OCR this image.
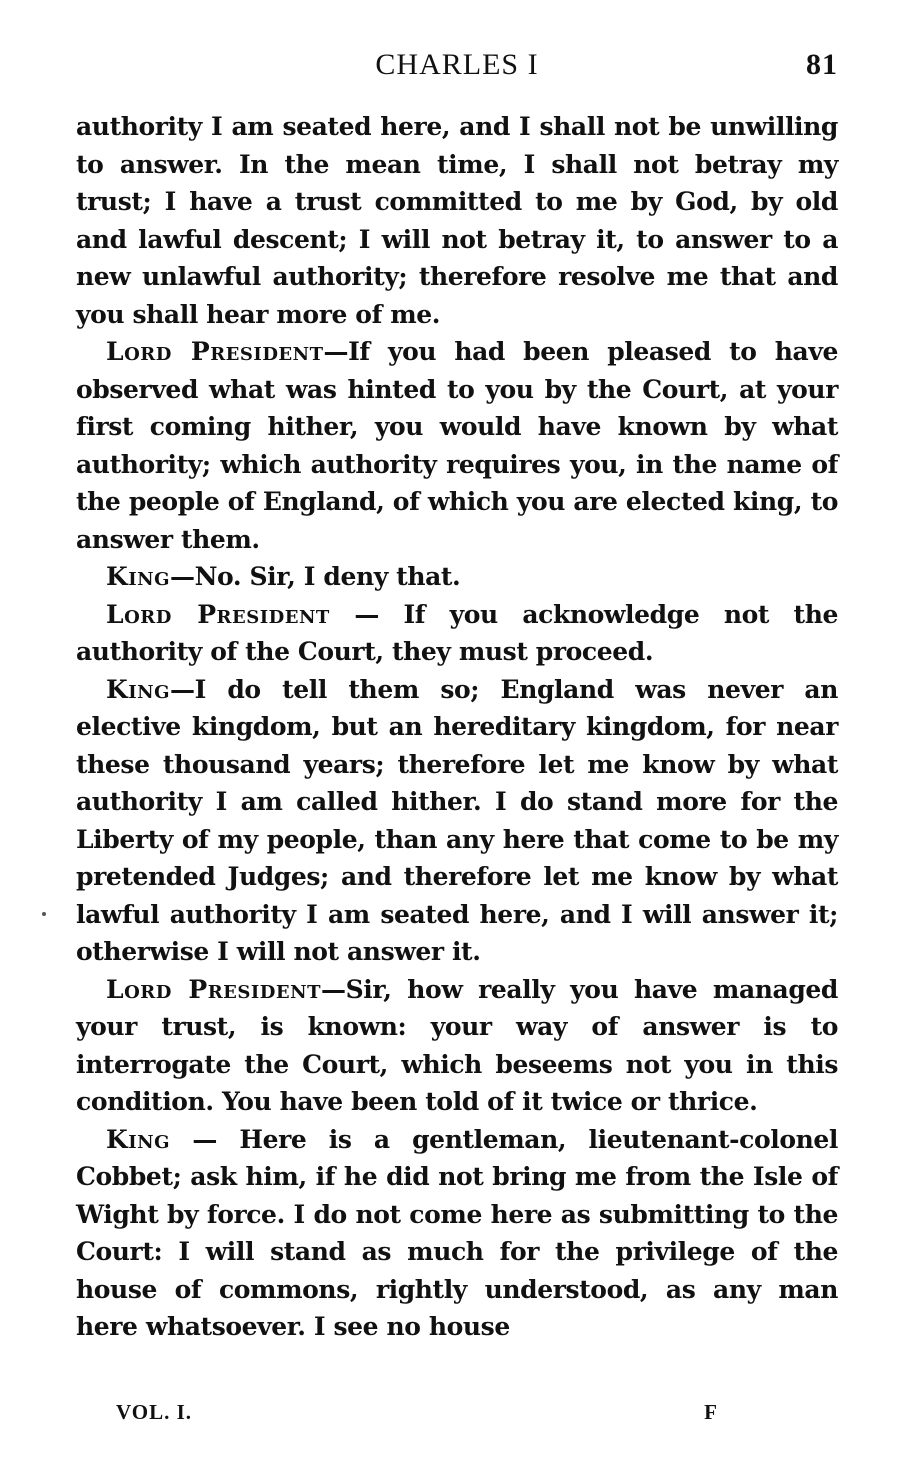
CHARLES I	81

authority I am seated here, and I shall not be unwilling to answer. In the mean time, I shall not betray my trust; I have a trust committed to me by God, by old and lawful descent; I will not betray it, to answer to a new unlawful authority; therefore resolve me that and you shall hear more of me.

Lord President—If you had been pleased to have observed what was hinted to you by the Court, at your first coming hither, you would have known by what authority; which authority requires you, in the name of the people of England, of which you are elected king, to answer them.

King—No. Sir, I deny that.

Lord President — If you acknowledge not the authority of the Court, they must proceed.

King—I do tell them so; England was never an elective kingdom, but an hereditary kingdom, for near these thousand years; therefore let me know by what authority I am called hither. I do stand more for the Liberty of my people, than any here that come to be my pretended Judges; and therefore let me know by what lawful authority I am seated here, and I will answer it; otherwise I will not answer it.

Lord President—Sir, how really you have managed your trust, is known: your way of answer is to interrogate the Court, which beseems not you in this condition. You have been told of it twice or thrice.

King — Here is a gentleman, lieutenant-colonel Cobbet; ask him, if he did not bring me from the Isle of Wight by force. I do not come here as submitting to the Court: I will stand as much for the privilege of the house of commons, rightly understood, as any man here whatsoever. I see no house

VOL. I.	F
